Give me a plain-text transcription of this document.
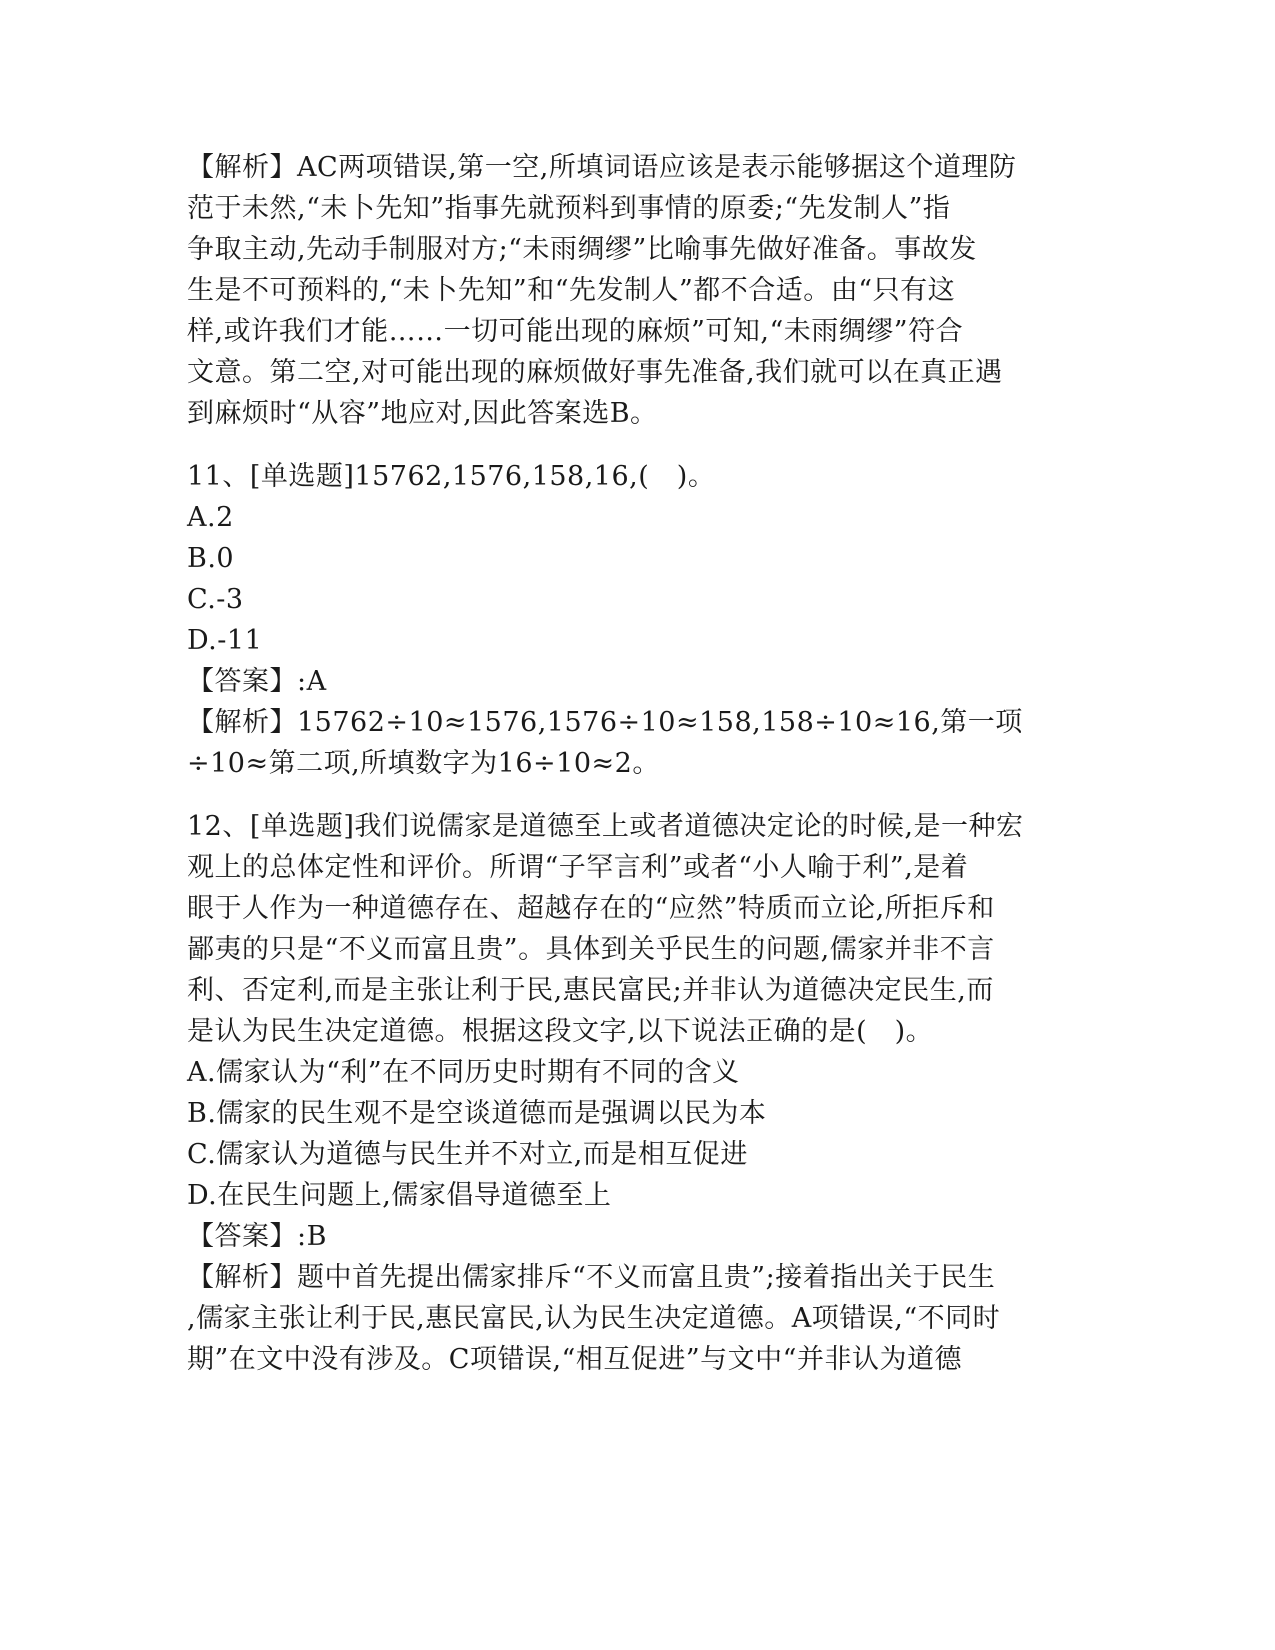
【解析】AC两项错误,第一空,所填词语应该是表示能够据这个道理防
范于未然,“未卜先知”指事先就预料到事情的原委;“先发制人”指
争取主动,先动手制服对方;“未雨绸缪”比喻事先做好准备。事故发
生是不可预料的,“未卜先知”和“先发制人”都不合适。由“只有这
样,或许我们才能……一切可能出现的麻烦”可知,“未雨绸缪”符合
文意。第二空,对可能出现的麻烦做好事先准备,我们就可以在真正遇
到麻烦时“从容”地应对,因此答案选B。
11、[单选题]15762,1576,158,16,(　)。
A.2
B.0
C.-3
D.-11
【答案】:A
【解析】15762÷10≈1576,1576÷10≈158,158÷10≈16,第一项
÷10≈第二项,所填数字为16÷10≈2。
12、[单选题]我们说儒家是道德至上或者道德决定论的时候,是一种宏
观上的总体定性和评价。所谓“子罕言利”或者“小人喻于利”,是着
眼于人作为一种道德存在、超越存在的“应然”特质而立论,所拒斥和
鄙夷的只是“不义而富且贵”。具体到关乎民生的问题,儒家并非不言
利、否定利,而是主张让利于民,惠民富民;并非认为道德决定民生,而
是认为民生决定道德。根据这段文字,以下说法正确的是(　)。
A.儒家认为“利”在不同历史时期有不同的含义
B.儒家的民生观不是空谈道德而是强调以民为本
C.儒家认为道德与民生并不对立,而是相互促进
D.在民生问题上,儒家倡导道德至上
【答案】:B
【解析】题中首先提出儒家排斥“不义而富且贵”;接着指出关于民生
,儒家主张让利于民,惠民富民,认为民生决定道德。A项错误,“不同时
期”在文中没有涉及。C项错误,“相互促进”与文中“并非认为道德
